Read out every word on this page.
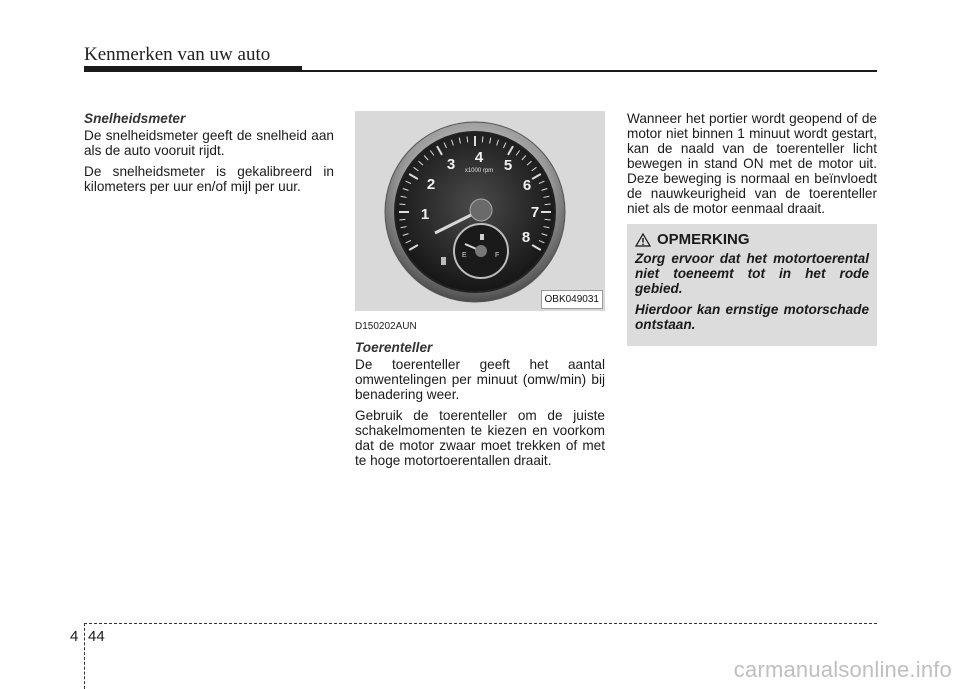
Kenmerken van uw auto
Snelheidsmeter

De snelheidsmeter geeft de snelheid aan als de auto vooruit rijdt.

De snelheidsmeter is gekalibreerd in kilometers per uur en/of mijl per uur.

1
2
3 4 5
6
7
8
x1000 rpm
E	F
OBK049031
D150202AUN
Toerenteller

De toerenteller geeft het aantal omwentelingen per minuut (omw/min) bij benadering weer.

Gebruik de toerenteller om de juiste schakelmomenten te kiezen en voorkom dat de motor zwaar moet trekken of met te hoge motortoerentallen draait.

Wanneer het portier wordt geopend of de motor niet binnen 1 minuut wordt gestart, kan de naald van de toerenteller licht bewegen in stand ON met de motor uit. Deze beweging is normaal en beïnvloedt de nauwkeurigheid van de toerenteller niet als de motor eenmaal draait.

OPMERKING

Zorg ervoor dat het motortoerental niet toeneemt tot in het rode gebied.

Hierdoor kan ernstige motorschade ontstaan.

4 44
carmanualsonline.info
